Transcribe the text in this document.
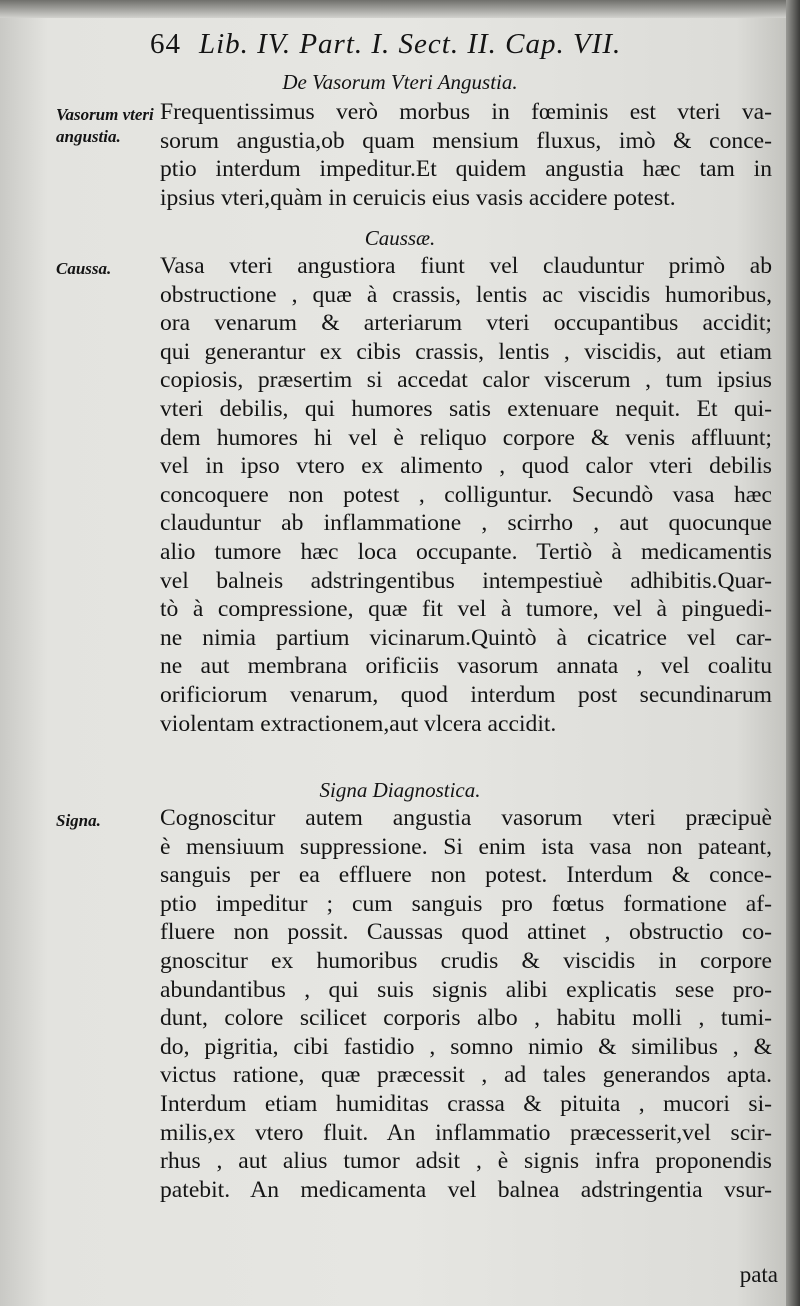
64 Lib. IV. Part. I. Sect. II. Cap. VII.
De Vasorum Vteri Angustia.
Vasorum vteri angustia.
Frequentissimus verò morbus in fœminis est vteri va-
sorum angustia,ob quam mensium fluxus, imò & conce-
ptio interdum impeditur.Et quidem angustia hæc tam in
ipsius vteri,quàm in ceruicis eius vasis accidere potest.
Caussæ.
Caussa.	Vasa vteri angustiora fiunt vel clauduntur primò ab
obstructione , quæ à crassis, lentis ac viscidis humoribus,
ora venarum & arteriarum vteri occupantibus accidit;
qui generantur ex cibis crassis, lentis , viscidis, aut etiam
copiosis, præsertim si accedat calor viscerum , tum ipsius
vteri debilis, qui humores satis extenuare nequit. Et qui-
dem humores hi vel è reliquo corpore & venis affluunt;
vel in ipso vtero ex alimento , quod calor vteri debilis
concoquere non potest , colliguntur. Secundò vasa hæc
clauduntur ab inflammatione , scirrho , aut quocunque
alio tumore hæc loca occupante. Tertiò à medicamentis
vel balneis adstringentibus intempestiuè adhibitis.Quar-
tò à compressione, quæ fit vel à tumore, vel à pinguedi-
ne nimia partium vicinarum.Quintò à cicatrice vel car-
ne aut membrana orificiis vasorum annata , vel coalitu
orificiorum venarum, quod interdum post secundinarum
violentam extractionem,aut vlcera accidit.
Signa Diagnostica.
Signa.	Cognoscitur autem angustia vasorum vteri præcipuè
è mensiuum suppressione. Si enim ista vasa non pateant,
sanguis per ea effluere non potest. Interdum & conce-
ptio impeditur ; cum sanguis pro fœtus formatione af-
fluere non possit. Caussas quod attinet , obstructio co-
gnoscitur ex humoribus crudis & viscidis in corpore
abundantibus , qui suis signis alibi explicatis sese pro-
dunt, colore scilicet corporis albo , habitu molli , tumi-
do, pigritia, cibi fastidio , somno nimio & similibus , &
victus ratione, quæ præcessit , ad tales generandos apta.
Interdum etiam humiditas crassa & pituita , mucori si-
milis,ex vtero fluit. An inflammatio præcesserit,vel scir-
rhus , aut alius tumor adsit , è signis infra proponendis
patebit. An medicamenta vel balnea adstringentia vsur-
pata
